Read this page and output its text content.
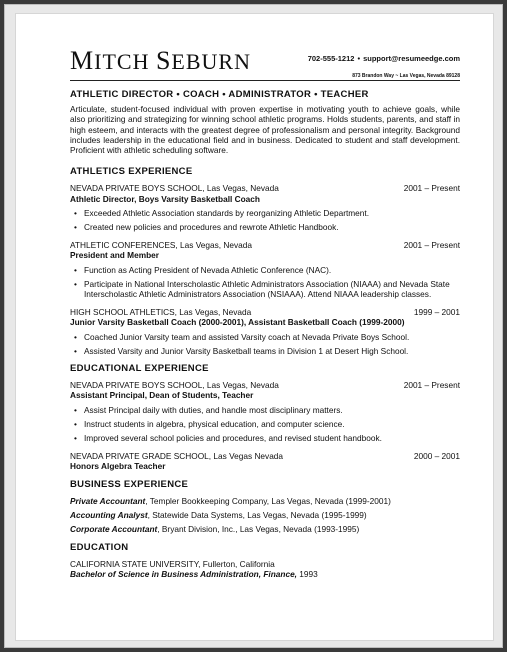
MITCH SEBURN	702-555-1212 • support@resumeedge.com
873 Brandon Way ~ Las Vegas, Nevada 89128
ATHLETIC DIRECTOR • COACH • ADMINISTRATOR • TEACHER

Articulate, student-focused individual with proven expertise in motivating youth to achieve goals, while also prioritizing and strategizing for winning school athletic programs. Holds students, parents, and staff in high esteem, and interacts with the greatest degree of professionalism and personal integrity. Background includes leadership in the educational field and in business. Dedicated to student and staff development. Proficient with athletic scheduling software.

ATHLETICS EXPERIENCE
NEVADA PRIVATE BOYS SCHOOL, Las Vegas, Nevada	2001 – Present
Athletic Director, Boys Varsity Basketball Coach
• Exceeded Athletic Association standards by reorganizing Athletic Department.
• Created new policies and procedures and rewrote Athletic Handbook.
ATHLETIC CONFERENCES, Las Vegas, Nevada	2001 – Present
President and Member
• Function as Acting President of Nevada Athletic Conference (NAC).
• Participate in National Interscholastic Athletic Administrators Association (NIAAA) and Nevada State Interscholastic Athletic Administrators Association (NSIAAA). Attend NIAAA leadership classes.
HIGH SCHOOL ATHLETICS, Las Vegas, Nevada	1999 – 2001
Junior Varsity Basketball Coach (2000-2001), Assistant Basketball Coach (1999-2000)
• Coached Junior Varsity team and assisted Varsity coach at Nevada Private Boys School.
• Assisted Varsity and Junior Varsity Basketball teams in Division 1 at Desert High School.
EDUCATIONAL EXPERIENCE
NEVADA PRIVATE BOYS SCHOOL, Las Vegas, Nevada	2001 – Present
Assistant Principal, Dean of Students, Teacher
• Assist Principal daily with duties, and handle most disciplinary matters.
• Instruct students in algebra, physical education, and computer science.
• Improved several school policies and procedures, and revised student handbook.
NEVADA PRIVATE GRADE SCHOOL, Las Vegas Nevada	2000 – 2001
Honors Algebra Teacher
BUSINESS EXPERIENCE

Private Accountant, Templer Bookkeeping Company, Las Vegas, Nevada (1999-2001)

Accounting Analyst, Statewide Data Systems, Las Vegas, Nevada (1995-1999)

Corporate Accountant, Bryant Division, Inc., Las Vegas, Nevada (1993-1995)

EDUCATION
CALIFORNIA STATE UNIVERSITY, Fullerton, California
Bachelor of Science in Business Administration, Finance, 1993
